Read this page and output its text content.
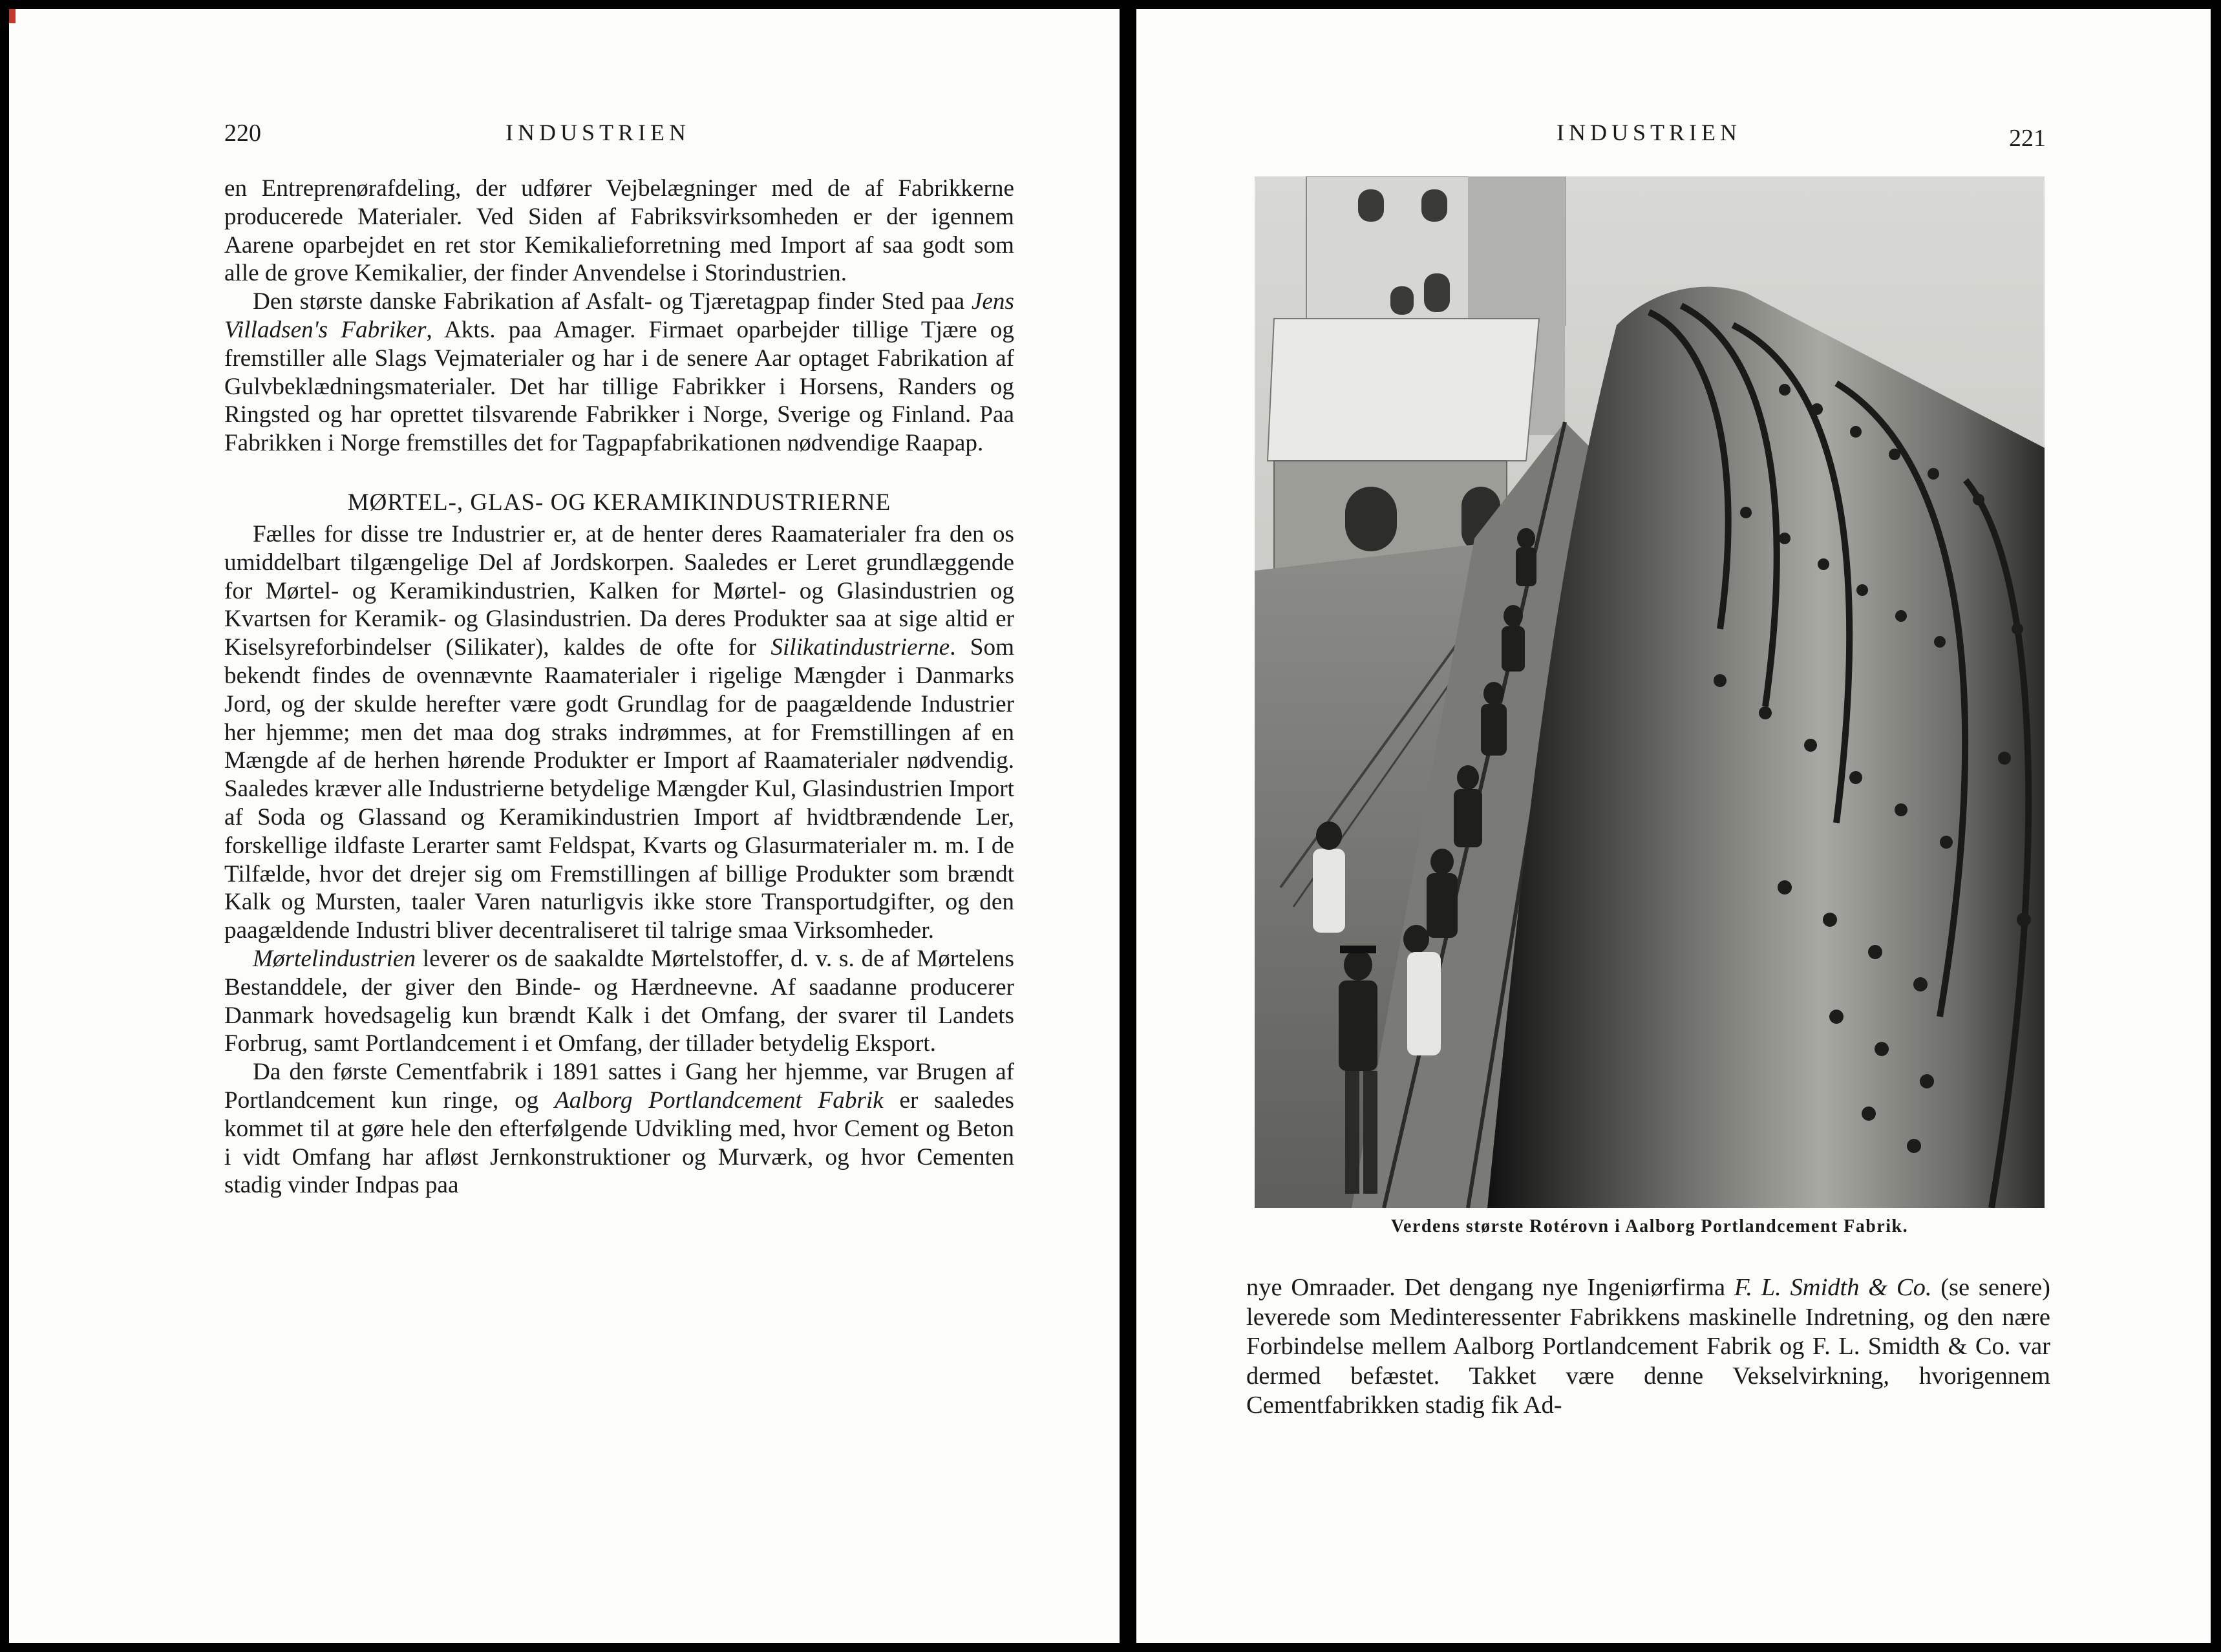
220	INDUSTRIEN

en Entreprenørafdeling, der udfører Vejbelægninger med de af Fabrikkerne producerede Materialer. Ved Siden af Fabriksvirksomheden er der igennem Aarene oparbejdet en ret stor Kemikalieforretning med Import af saa godt som alle de grove Kemikalier, der finder Anvendelse i Storindustrien.

Den største danske Fabrikation af Asfalt- og Tjæretagpap finder Sted paa Jens Villadsen's Fabriker, Akts. paa Amager. Firmaet oparbejder tillige Tjære og fremstiller alle Slags Vejmaterialer og har i de senere Aar optaget Fabrikation af Gulvbeklædningsmaterialer. Det har tillige Fabrikker i Horsens, Randers og Ringsted og har oprettet tilsvarende Fabrikker i Norge, Sverige og Finland. Paa Fabrikken i Norge fremstilles det for Tagpapfabrikationen nødvendige Raapap.

MØRTEL-, GLAS- OG KERAMIKINDUSTRIERNE

Fælles for disse tre Industrier er, at de henter deres Raamaterialer fra den os umiddelbart tilgængelige Del af Jordskorpen. Saaledes er Leret grundlæggende for Mørtel- og Keramikindustrien, Kalken for Mørtel- og Glasindustrien og Kvartsen for Keramik- og Glasindustrien. Da deres Produkter saa at sige altid er Kiselsyreforbindelser (Silikater), kaldes de ofte for Silikatindustrierne. Som bekendt findes de ovennævnte Raamaterialer i rigelige Mængder i Danmarks Jord, og der skulde herefter være godt Grundlag for de paagældende Industrier her hjemme; men det maa dog straks indrømmes, at for Fremstillingen af en Mængde af de herhen hørende Produkter er Import af Raamaterialer nødvendig. Saaledes kræver alle Industrierne betydelige Mængder Kul, Glasindustrien Import af Soda og Glassand og Keramikindustrien Import af hvidtbrændende Ler, forskellige ildfaste Lerarter samt Feldspat, Kvarts og Glasurmaterialer m. m. I de Tilfælde, hvor det drejer sig om Fremstillingen af billige Produkter som brændt Kalk og Mursten, taaler Varen naturligvis ikke store Transportudgifter, og den paagældende Industri bliver decentraliseret til talrige smaa Virksomheder.

Mørtelindustrien leverer os de saakaldte Mørtelstoffer, d. v. s. de af Mørtelens Bestanddele, der giver den Binde- og Hærdneevne. Af saadanne producerer Danmark hovedsagelig kun brændt Kalk i det Omfang, der svarer til Landets Forbrug, samt Portlandcement i et Omfang, der tillader betydelig Eksport.

Da den første Cementfabrik i 1891 sattes i Gang her hjemme, var Brugen af Portlandcement kun ringe, og Aalborg Portlandcement Fabrik er saaledes kommet til at gøre hele den efterfølgende Udvikling med, hvor Cement og Beton i vidt Omfang har afløst Jernkonstruktioner og Murværk, og hvor Cementen stadig vinder Indpas paa

INDUSTRIEN	221
Verdens største Rotérovn i Aalborg Portlandcement Fabrik.

nye Omraader. Det dengang nye Ingeniørfirma F. L. Smidth & Co. (se senere) leverede som Medinteressenter Fabrikkens maskinelle Indretning, og den nære Forbindelse mellem Aalborg Portlandcement Fabrik og F. L. Smidth & Co. var dermed befæstet. Takket være denne Vekselvirkning, hvorigennem Cementfabrikken stadig fik Ad-
